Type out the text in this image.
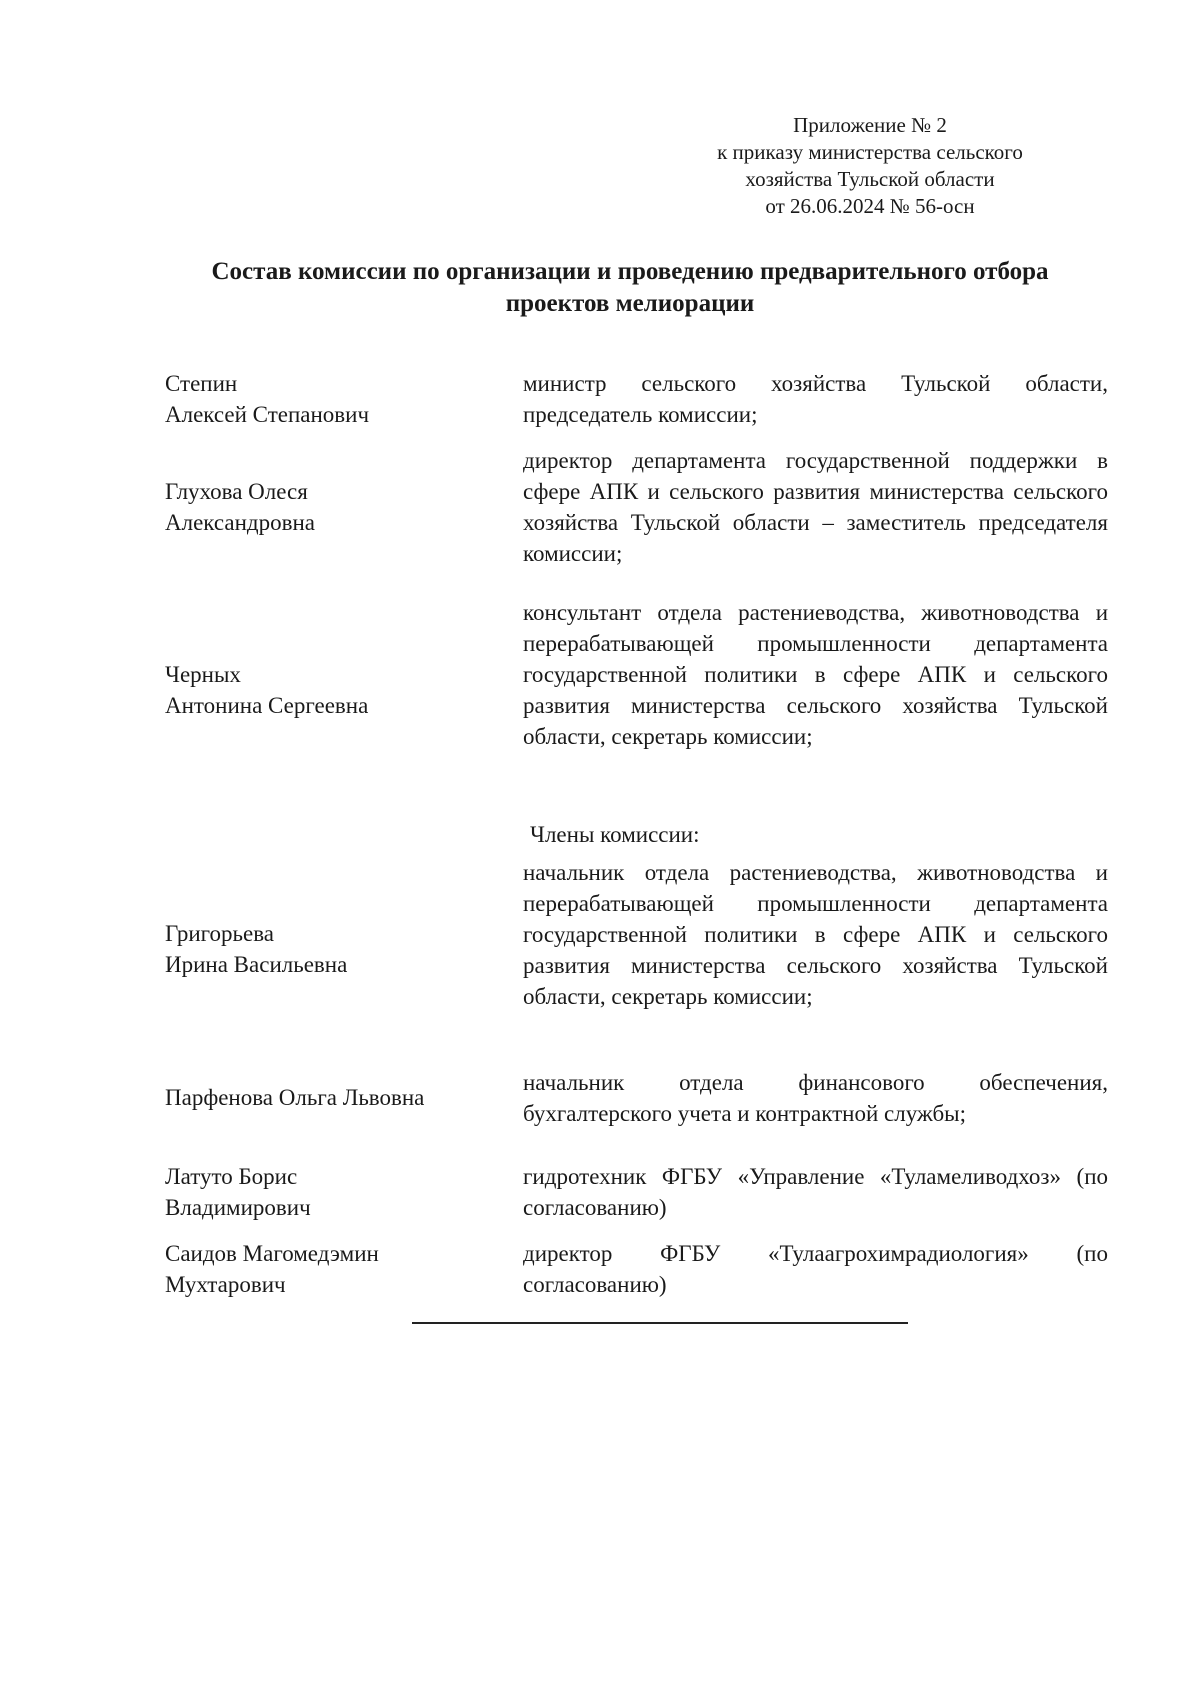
Приложение № 2
к приказу министерства сельского
хозяйства Тульской области
от 26.06.2024 № 56-осн
Состав комиссии по организации и проведению предварительного отбора
проектов мелиорации
Степин
Алексей Степанович
министр сельского хозяйства Тульской области, председатель комиссии;
Глухова Олеся
Александровна
директор департамента государственной поддержки в сфере АПК и сельского развития министерства сельского хозяйства Тульской области – заместитель председателя комиссии;
Черных
Антонина Сергеевна
консультант отдела растениеводства, животноводства и перерабатывающей промышленности департамента государственной политики в сфере АПК и сельского развития министерства сельского хозяйства Тульской области, секретарь комиссии;
Члены комиссии:
Григорьева
Ирина Васильевна
начальник отдела растениеводства, животноводства и перерабатывающей промышленности департамента государственной политики в сфере АПК и сельского развития министерства сельского хозяйства Тульской области, секретарь комиссии;
Парфенова Ольга Львовна
начальник отдела финансового обеспечения, бухгалтерского учета и контрактной службы;
Латуто Борис
Владимирович
гидротехник ФГБУ «Управление «Туламеливодхоз» (по согласованию)
Саидов Магомедэмин
Мухтарович
директор ФГБУ «Тулаагрохимрадиология» (по согласованию)
